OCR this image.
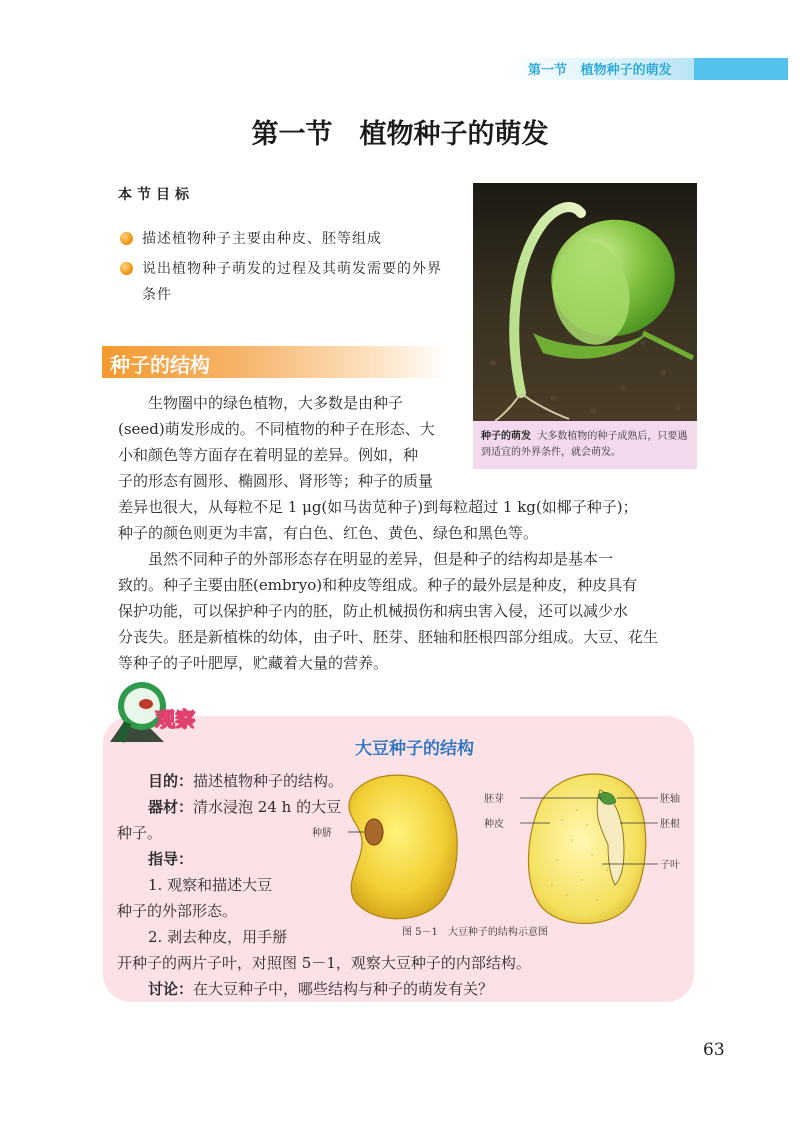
第一节 植物种子的萌发
第一节　植物种子的萌发
本节目标
描述植物种子主要由种皮、胚等组成
说出植物种子萌发的过程及其萌发需要的外界条件
种子的萌发 大多数植物的种子成熟后，只要遇到适宜的外界条件，就会萌发。
种子的结构
生物圈中的绿色植物，大多数是由种子
(seed)萌发形成的。不同植物的种子在形态、大
小和颜色等方面存在着明显的差异。例如，种
子的形态有圆形、椭圆形、肾形等；种子的质量
差异也很大，从每粒不足 1 μg(如马齿苋种子)到每粒超过 1 kg(如椰子种子)；
种子的颜色则更为丰富，有白色、红色、黄色、绿色和黑色等。
虽然不同种子的外部形态存在明显的差异，但是种子的结构却是基本一
致的。种子主要由胚(embryo)和种皮等组成。种子的最外层是种皮，种皮具有
保护功能，可以保护种子内的胚，防止机械损伤和病虫害入侵，还可以减少水
分丧失。胚是新植株的幼体，由子叶、胚芽、胚轴和胚根四部分组成。大豆、花生
等种子的子叶肥厚，贮藏着大量的营养。
观察
大豆种子的结构
目的：描述植物种子的结构。
器材：清水浸泡 24 h 的大豆
种子。
指导：
1. 观察和描述大豆
种子的外部形态。
2. 剥去种皮，用手掰
开种子的两片子叶，对照图 5－1，观察大豆种子的内部结构。
讨论：在大豆种子中，哪些结构与种子的萌发有关？
种脐
胚芽
种皮
胚轴
胚根
子叶
图 5－1　大豆种子的结构示意图
63
